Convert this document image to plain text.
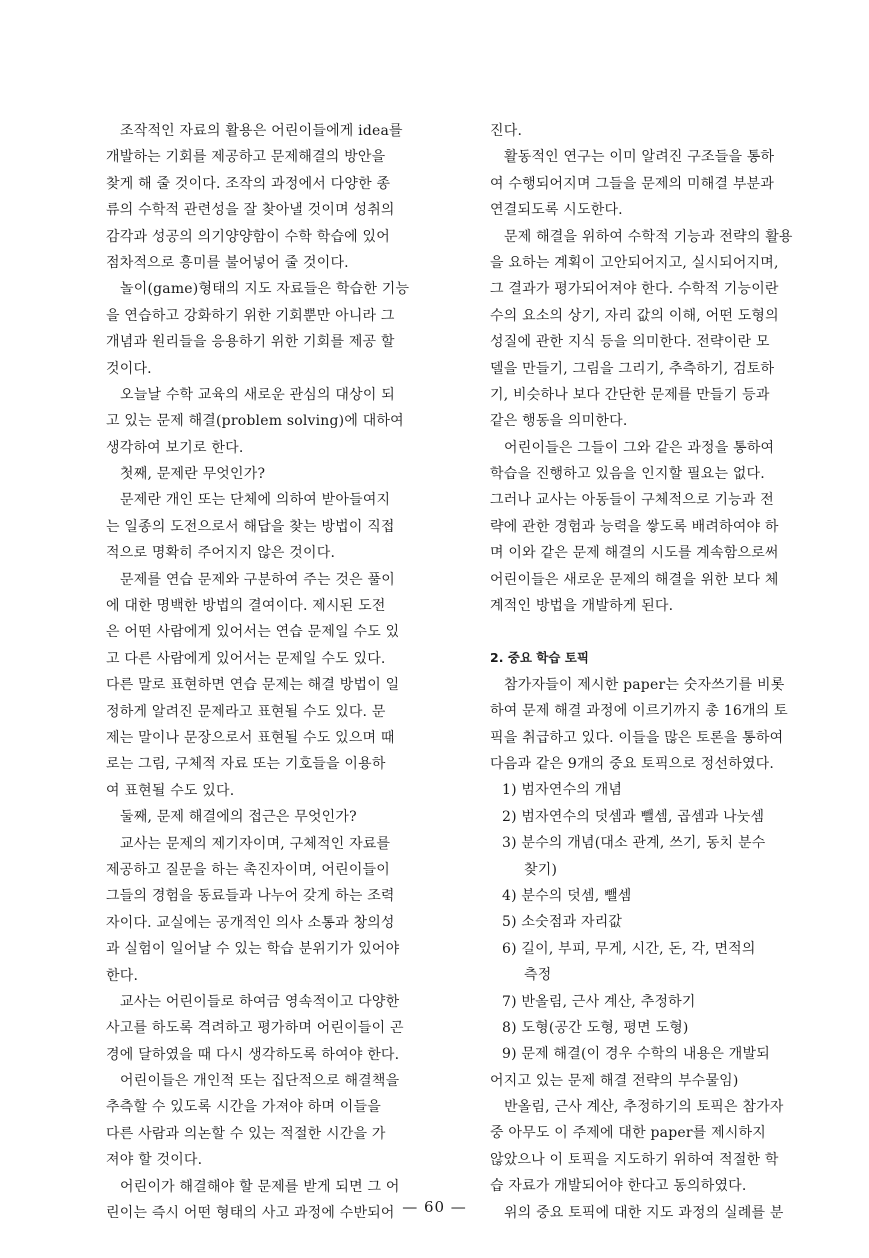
조작적인 자료의 활용은 어린이들에게 idea를
개발하는 기회를 제공하고 문제해결의 방안을
찾게 해 줄 것이다. 조작의 과정에서 다양한 종
류의 수학적 관련성을 잘 찾아낼 것이며 성취의
감각과 성공의 의기양양함이 수학 학습에 있어
점차적으로 흥미를 불어넣어 줄 것이다.
놀이(game)형태의 지도 자료들은 학습한 기능
을 연습하고 강화하기 위한 기회뿐만 아니라 그
개념과 원리들을 응용하기 위한 기회를 제공 할
것이다.
오늘날 수학 교육의 새로운 관심의 대상이 되
고 있는 문제 해결(problem solving)에 대하여
생각하여 보기로 한다.
첫째, 문제란 무엇인가?
문제란 개인 또는 단체에 의하여 받아들여지
는 일종의 도전으로서 해답을 찾는 방법이 직접
적으로 명확히 주어지지 않은 것이다.
문제를 연습 문제와 구분하여 주는 것은 풀이
에 대한 명백한 방법의 결여이다. 제시된 도전
은 어떤 사람에게 있어서는 연습 문제일 수도 있
고 다른 사람에게 있어서는 문제일 수도 있다.
다른 말로 표현하면 연습 문제는 해결 방법이 일
정하게 알려진 문제라고 표현될 수도 있다. 문
제는 말이나 문장으로서 표현될 수도 있으며 때
로는 그림, 구체적 자료 또는 기호들을 이용하
여 표현될 수도 있다.
둘째, 문제 해결에의 접근은 무엇인가?
교사는 문제의 제기자이며, 구체적인 자료를
제공하고 질문을 하는 촉진자이며, 어린이들이
그들의 경험을 동료들과 나누어 갖게 하는 조력
자이다. 교실에는 공개적인 의사 소통과 창의성
과 실험이 일어날 수 있는 학습 분위기가 있어야
한다.
교사는 어린이들로 하여금 영속적이고 다양한
사고를 하도록 격려하고 평가하며 어린이들이 곤
경에 달하였을 때 다시 생각하도록 하여야 한다.
어린이들은 개인적 또는 집단적으로 해결책을
추측할 수 있도록 시간을 가져야 하며 이들을
다른 사람과 의논할 수 있는 적절한 시간을 가
져야 할 것이다.
어린이가 해결해야 할 문제를 받게 되면 그 어
린이는 즉시 어떤 형태의 사고 과정에 수반되어
진다.
활동적인 연구는 이미 알려진 구조들을 통하
여 수행되어지며 그들을 문제의 미해결 부분과
연결되도록 시도한다.
문제 해결을 위하여 수학적 기능과 전략의 활용
을 요하는 계획이 고안되어지고, 실시되어지며,
그 결과가 평가되어져야 한다. 수학적 기능이란
수의 요소의 상기, 자리 값의 이해, 어떤 도형의
성질에 관한 지식 등을 의미한다. 전략이란 모
델을 만들기, 그림을 그리기, 추측하기, 검토하
기, 비슷하나 보다 간단한 문제를 만들기 등과
같은 행동을 의미한다.
어린이들은 그들이 그와 같은 과정을 통하여
학습을 진행하고 있음을 인지할 필요는 없다.
그러나 교사는 아동들이 구체적으로 기능과 전
략에 관한 경험과 능력을 쌓도록 배려하여야 하
며 이와 같은 문제 해결의 시도를 계속함으로써
어린이들은 새로운 문제의 해결을 위한 보다 체
계적인 방법을 개발하게 된다.
2. 중요 학습 토픽
참가자들이 제시한 paper는 숫자쓰기를 비롯
하여 문제 해결 과정에 이르기까지 총 16개의 토
픽을 취급하고 있다. 이들을 많은 토론을 통하여
다음과 같은 9개의 중요 토픽으로 정선하였다.
1) 범자연수의 개념
2) 범자연수의 덧셈과 뺄셈, 곱셈과 나눗셈
3) 분수의 개념(대소 관계, 쓰기, 동치 분수
찾기)
4) 분수의 덧셈, 뺄셈
5) 소숫점과 자리값
6) 길이, 부피, 무게, 시간, 돈, 각, 면적의
측정
7) 반올림, 근사 계산, 추정하기
8) 도형(공간 도형, 평면 도형)
9) 문제 해결(이 경우 수학의 내용은 개발되
어지고 있는 문제 해결 전략의 부수물임)
반올림, 근사 계산, 추정하기의 토픽은 참가자
중 아무도 이 주제에 대한 paper를 제시하지
않았으나 이 토픽을 지도하기 위하여 적절한 학
습 자료가 개발되어야 한다고 동의하였다.
위의 중요 토픽에 대한 지도 과정의 실례를 분
— 60 —
